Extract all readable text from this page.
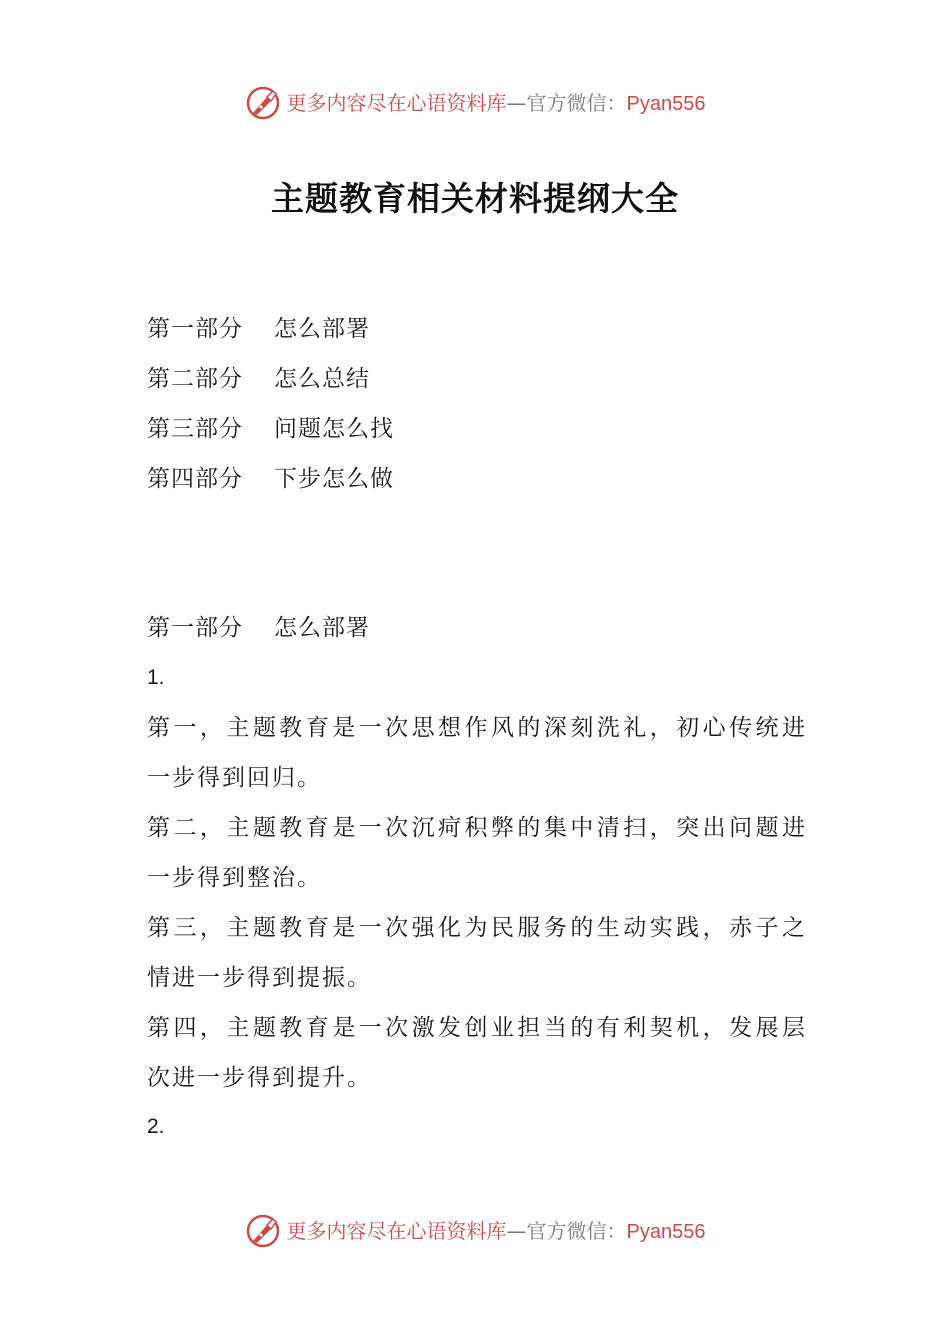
更多内容尽在心语资料库—官方微信：Pyan556
主题教育相关材料提纲大全
第一部分 怎么部署
第二部分 怎么总结
第三部分 问题怎么找
第四部分 下步怎么做
第一部分 怎么部署
1.
第一，主题教育是一次思想作风的深刻洗礼，初心传统进
一步得到回归。
第二，主题教育是一次沉疴积弊的集中清扫，突出问题进
一步得到整治。
第三，主题教育是一次强化为民服务的生动实践，赤子之
情进一步得到提振。
第四，主题教育是一次激发创业担当的有利契机，发展层
次进一步得到提升。
2.
更多内容尽在心语资料库—官方微信：Pyan556
